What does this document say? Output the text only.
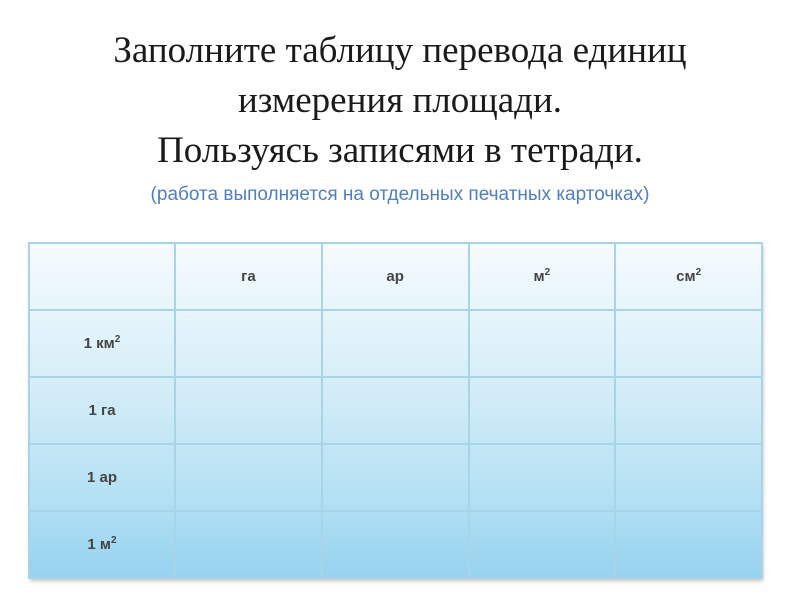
Заполните таблицу перевода единиц
измерения площади.
Пользуясь записями в тетради.
(работа выполняется на отдельных печатных карточках)
	га	ар	$м^2$	$см^2$
1 $км^2$				
1 га				
1 ар				
1 $м^2$				
